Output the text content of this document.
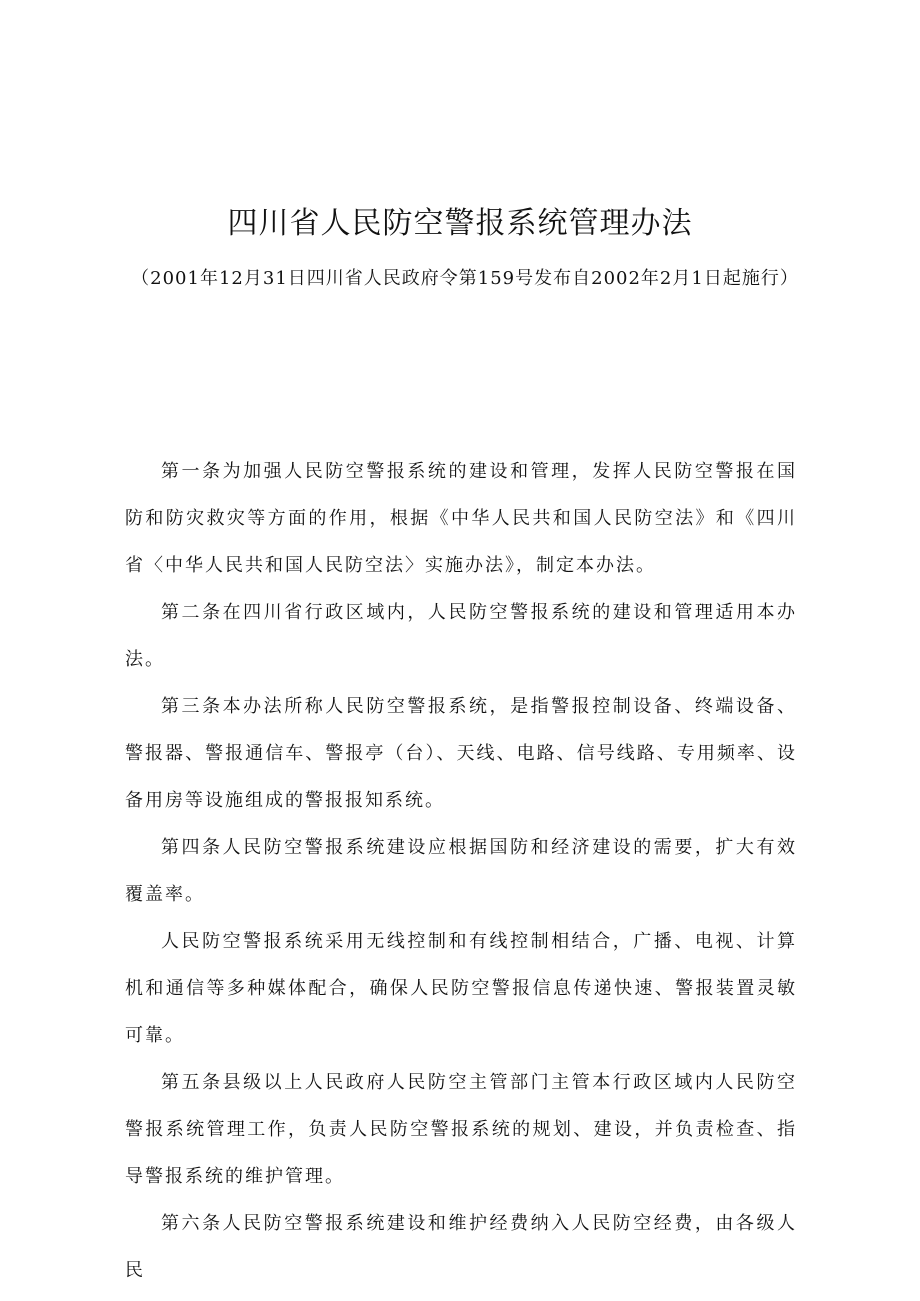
四川省人民防空警报系统管理办法

（2001年12月31日四川省人民政府令第159号发布自2002年2月1日起施行）

第一条为加强人民防空警报系统的建设和管理，发挥人民防空警报在国防和防灾救灾等方面的作用，根据《中华人民共和国人民防空法》和《四川省〈中华人民共和国人民防空法〉实施办法》，制定本办法。

第二条在四川省行政区域内，人民防空警报系统的建设和管理适用本办法。

第三条本办法所称人民防空警报系统，是指警报控制设备、终端设备、警报器、警报通信车、警报亭（台）、天线、电路、信号线路、专用频率、设备用房等设施组成的警报报知系统。

第四条人民防空警报系统建设应根据国防和经济建设的需要，扩大有效覆盖率。

人民防空警报系统采用无线控制和有线控制相结合，广播、电视、计算机和通信等多种媒体配合，确保人民防空警报信息传递快速、警报装置灵敏可靠。

第五条县级以上人民政府人民防空主管部门主管本行政区域内人民防空警报系统管理工作，负责人民防空警报系统的规划、建设，并负责检查、指导警报系统的维护管理。

第六条人民防空警报系统建设和维护经费纳入人民防空经费，由各级人民
